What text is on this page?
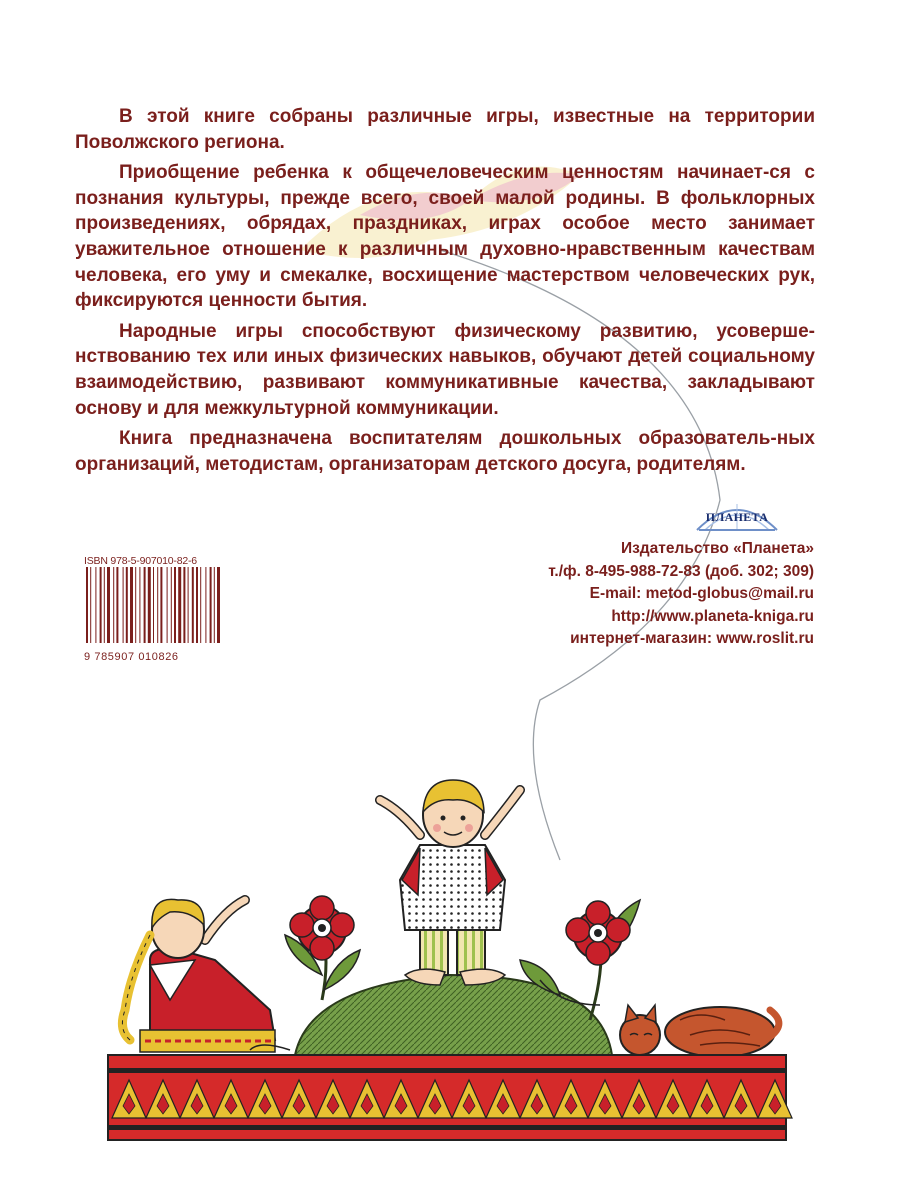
В этой книге собраны различные игры, известные на территории Поволжского региона.

Приобщение ребенка к общечеловеческим ценностям начинает-ся с познания культуры, прежде всего, своей малой родины. В фольклорных произведениях, обрядах, праздниках, играх особое место занимает уважительное отношение к различным духовно-нравственным качествам человека, его уму и смекалке, восхищение мастерством человеческих рук, фиксируются ценности бытия.

Народные игры способствуют физическому развитию, усоверше-нствованию тех или иных физических навыков, обучают детей социальному взаимодействию, развивают коммуникативные качества, закладывают основу и для межкультурной коммуникации.

Книга предназначена воспитателям дошкольных образователь-ных организаций, методистам, организаторам детского досуга, родителям.

ПЛАНЕТА
ISBN 978-5-907010-82-6
9 785907 010826
Издательство «Планета»
т./ф. 8-495-988-72-83 (доб. 302; 309)
E-mail: metod-globus@mail.ru
http://www.planeta-kniga.ru
интернет-магазин: www.roslit.ru
